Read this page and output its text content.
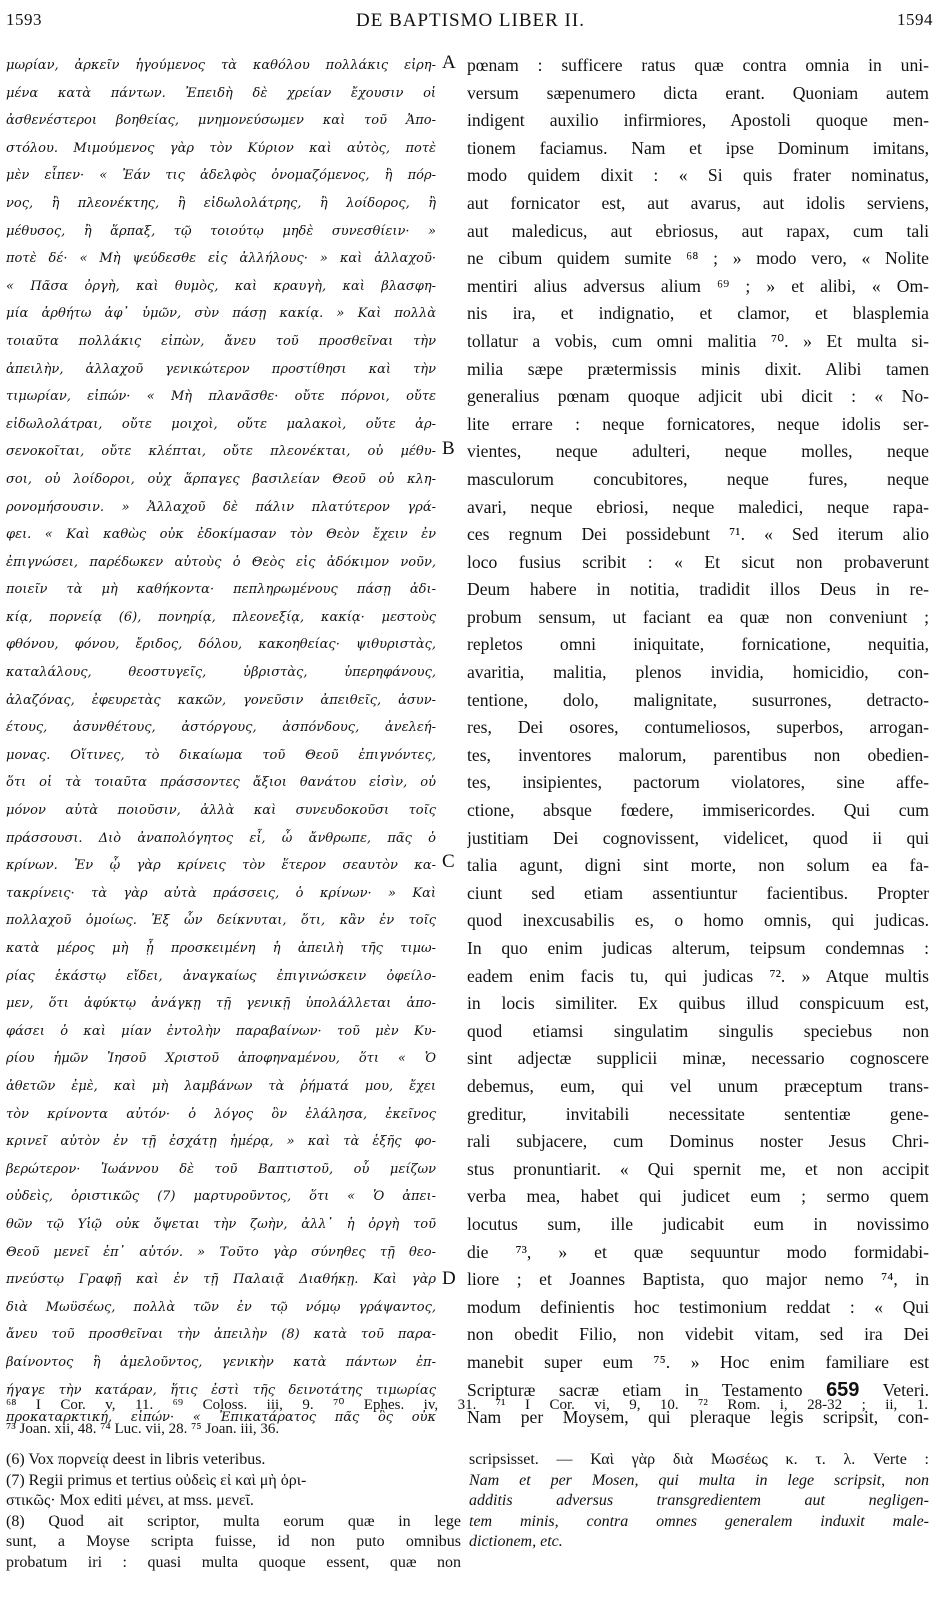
1593	DE BAPTISMO LIBER II.	1594
A
B
C
D
μωρίαν, ἀρκεῖν ἡγούμενος τὰ καθόλου πολλάκις εἰρη-
μένα κατὰ πάντων. Ἐπειδὴ δὲ χρείαν ἔχουσιν οἱ
ἀσθενέστεροι βοηθείας, μνημονεύσωμεν καὶ τοῦ Ἀπο-
στόλου. Μιμούμενος γὰρ τὸν Κύριον καὶ αὐτὸς, ποτὲ
μὲν εἶπεν· « Ἐάν τις ἀδελφὸς ὀνομαζόμενος, ἢ πόρ-
νος, ἢ πλεονέκτης, ἢ εἰδωλολάτρης, ἢ λοίδορος, ἢ
μέθυσος, ἢ ἅρπαξ, τῷ τοιούτῳ μηδὲ συνεσθίειν· »
ποτὲ δέ· « Μὴ ψεύδεσθε εἰς ἀλλήλους· » καὶ ἀλλαχοῦ·
« Πᾶσα ὀργὴ, καὶ θυμὸς, καὶ κραυγὴ, καὶ βλασφη-
μία ἀρθήτω ἀφ᾽ ὑμῶν, σὺν πάσῃ κακίᾳ. » Καὶ πολλὰ
τοιαῦτα πολλάκις εἰπὼν, ἄνευ τοῦ προσθεῖναι τὴν
ἀπειλὴν, ἀλλαχοῦ γενικώτερον προστίθησι καὶ τὴν
τιμωρίαν, εἰπών· « Μὴ πλανᾶσθε· οὔτε πόρνοι, οὔτε
εἰδωλολάτραι, οὔτε μοιχοὶ, οὔτε μαλακοὶ, οὔτε ἀρ-
σενοκοῖται, οὔτε κλέπται, οὔτε πλεονέκται, οὐ μέθυ-
σοι, οὐ λοίδοροι, οὐχ ἅρπαγες βασιλείαν Θεοῦ οὐ κλη-
ρονομήσουσιν. » Ἀλλαχοῦ δὲ πάλιν πλατύτερον γρά-
φει. « Καὶ καθὼς οὐκ ἐδοκίμασαν τὸν Θεὸν ἔχειν ἐν
ἐπιγνώσει, παρέδωκεν αὐτοὺς ὁ Θεὸς εἰς ἀδόκιμον νοῦν,
ποιεῖν τὰ μὴ καθήκοντα· πεπληρωμένους πάσῃ ἀδι-
κίᾳ, πορνείᾳ (6), πονηρίᾳ, πλεονεξίᾳ, κακίᾳ· μεστοὺς
φθόνου, φόνου, ἔριδος, δόλου, κακοηθείας· ψιθυριστὰς,
καταλάλους, θεοστυγεῖς, ὑβριστὰς, ὑπερηφάνους,
ἀλαζόνας, ἐφευρετὰς κακῶν, γονεῦσιν ἀπειθεῖς, ἀσυν-
έτους, ἀσυνθέτους, ἀστόργους, ἀσπόνδους, ἀνελεή-
μονας. Οἵτινες, τὸ δικαίωμα τοῦ Θεοῦ ἐπιγνόντες,
ὅτι οἱ τὰ τοιαῦτα πράσσοντες ἄξιοι θανάτου εἰσὶν, οὐ
μόνον αὐτὰ ποιοῦσιν, ἀλλὰ καὶ συνευδοκοῦσι τοῖς
πράσσουσι. Διὸ ἀναπολόγητος εἶ, ὦ ἄνθρωπε, πᾶς ὁ
κρίνων. Ἐν ᾧ γὰρ κρίνεις τὸν ἕτερον σεαυτὸν κα-
τακρίνεις· τὰ γὰρ αὐτὰ πράσσεις, ὁ κρίνων· » Καὶ
πολλαχοῦ ὁμοίως. Ἐξ ὧν δείκνυται, ὅτι, κἂν ἐν τοῖς
κατὰ μέρος μὴ ᾖ προσκειμένη ἡ ἀπειλὴ τῆς τιμω-
ρίας ἑκάστῳ εἴδει, ἀναγκαίως ἐπιγινώσκειν ὀφείλο-
μεν, ὅτι ἀφύκτῳ ἀνάγκῃ τῇ γενικῇ ὑπολάλλεται ἀπο-
φάσει ὁ καὶ μίαν ἐντολὴν παραβαίνων· τοῦ μὲν Κυ-
ρίου ἡμῶν Ἰησοῦ Χριστοῦ ἀποφηναμένου, ὅτι « Ὁ
ἀθετῶν ἐμὲ, καὶ μὴ λαμβάνων τὰ ῥήματά μου, ἔχει
τὸν κρίνοντα αὐτόν· ὁ λόγος ὃν ἐλάλησα, ἐκεῖνος
κρινεῖ αὐτὸν ἐν τῇ ἐσχάτῃ ἡμέρᾳ, » καὶ τὰ ἑξῆς φο-
βερώτερον· Ἰωάννου δὲ τοῦ Βαπτιστοῦ, οὗ μείζων
οὐδεὶς, ὁριστικῶς (7) μαρτυροῦντος, ὅτι « Ὁ ἀπει-
θῶν τῷ Υἱῷ οὐκ ὄψεται τὴν ζωὴν, ἀλλ᾽ ἡ ὀργὴ τοῦ
Θεοῦ μενεῖ ἐπ᾽ αὐτόν. » Τοῦτο γὰρ σύνηθες τῇ θεο-
πνεύστῳ Γραφῇ καὶ ἐν τῇ Παλαιᾷ Διαθήκῃ. Καὶ γὰρ
διὰ Μωϋσέως, πολλὰ τῶν ἐν τῷ νόμῳ γράψαντος,
ἄνευ τοῦ προσθεῖναι τὴν ἀπειλὴν (8) κατὰ τοῦ παρα-
βαίνοντος ἢ ἀμελοῦντος, γενικὴν κατὰ πάντων ἐπ-
ήγαγε τὴν κατάραν, ἥτις ἐστὶ τῆς δεινοτάτης τιμωρίας
προκαταρκτική, εἰπών· « Ἐπικατάρατος πᾶς ὃς οὐκ
pœnam : sufficere ratus quæ contra omnia in uni-
versum sæpenumero dicta erant. Quoniam autem
indigent auxilio infirmiores, Apostoli quoque men-
tionem faciamus. Nam et ipse Dominum imitans,
modo quidem dixit : « Si quis frater nominatus,
aut fornicator est, aut avarus, aut idolis serviens,
aut maledicus, aut ebriosus, aut rapax, cum tali
ne cibum quidem sumite ⁶⁸ ; » modo vero, « Nolite
mentiri alius adversus alium ⁶⁹ ; » et alibi, « Om-
nis ira, et indignatio, et clamor, et blasplemia
tollatur a vobis, cum omni malitia ⁷⁰. » Et multa si-
milia sæpe prætermissis minis dixit. Alibi tamen
generalius pœnam quoque adjicit ubi dicit : « No-
lite errare : neque fornicatores, neque idolis ser-
vientes, neque adulteri, neque molles, neque
masculorum concubitores, neque fures, neque
avari, neque ebriosi, neque maledici, neque rapa-
ces regnum Dei possidebunt ⁷¹. « Sed iterum alio
loco fusius scribit : « Et sicut non probaverunt
Deum habere in notitia, tradidit illos Deus in re-
probum sensum, ut faciant ea quæ non conveniunt ;
repletos omni iniquitate, fornicatione, nequitia,
avaritia, malitia, plenos invidia, homicidio, con-
tentione, dolo, malignitate, susurrones, detracto-
res, Dei osores, contumeliosos, superbos, arrogan-
tes, inventores malorum, parentibus non obedien-
tes, insipientes, pactorum violatores, sine affe-
ctione, absque fœdere, immisericordes. Qui cum
justitiam Dei cognovissent, videlicet, quod ii qui
talia agunt, digni sint morte, non solum ea fa-
ciunt sed etiam assentiuntur facientibus. Propter
quod inexcusabilis es, o homo omnis, qui judicas.
In quo enim judicas alterum, teipsum condemnas :
eadem enim facis tu, qui judicas ⁷². » Atque multis
in locis similiter. Ex quibus illud conspicuum est,
quod etiamsi singulatim singulis speciebus non
sint adjectæ supplicii minæ, necessario cognoscere
debemus, eum, qui vel unum præceptum trans-
greditur, invitabili necessitate sententiæ gene-
rali subjacere, cum Dominus noster Jesus Chri-
stus pronuntiarit. « Qui spernit me, et non accipit
verba mea, habet qui judicet eum ; sermo quem
locutus sum, ille judicabit eum in novissimo
die ⁷³, » et quæ sequuntur modo formidabi-
liore ; et Joannes Baptista, quo major nemo ⁷⁴, in
modum definientis hoc testimonium reddat : « Qui
non obedit Filio, non videbit vitam, sed ira Dei
manebit super eum ⁷⁵. » Hoc enim familiare est
Scripturæ sacræ etiam in Testamento 659 Veteri.
Nam per Moysem, qui pleraque legis scripsit, con-
⁶⁸ I Cor. v, 11. ⁶⁹ Coloss. iii, 9. ⁷⁰ Ephes. iv, 31. ⁷¹ I Cor. vi, 9, 10. ⁷² Rom. i, 28-32 ; ii, 1.
⁷³ Joan. xii, 48. ⁷⁴ Luc. vii, 28. ⁷⁵ Joan. iii, 36.
(6) Vox πορνείᾳ deest in libris veteribus.
(7) Regii primus et tertius οὐδεὶς εἰ καὶ μὴ ὁρι-
στικῶς· Mox editi μένει, at mss. μενεῖ.
(8) Quod ait scriptor, multa eorum quæ in lege
sunt, a Moyse scripta fuisse, id non puto omnibus
probatum iri : quasi multa quoque essent, quæ non
scripsisset. — Καὶ γὰρ διὰ Μωσέως κ. τ. λ. Verte :
Nam et per Mosen, qui multa in lege scripsit, non
additis adversus transgredientem aut negligen-
tem minis, contra omnes generalem induxit male-
dictionem, etc.
